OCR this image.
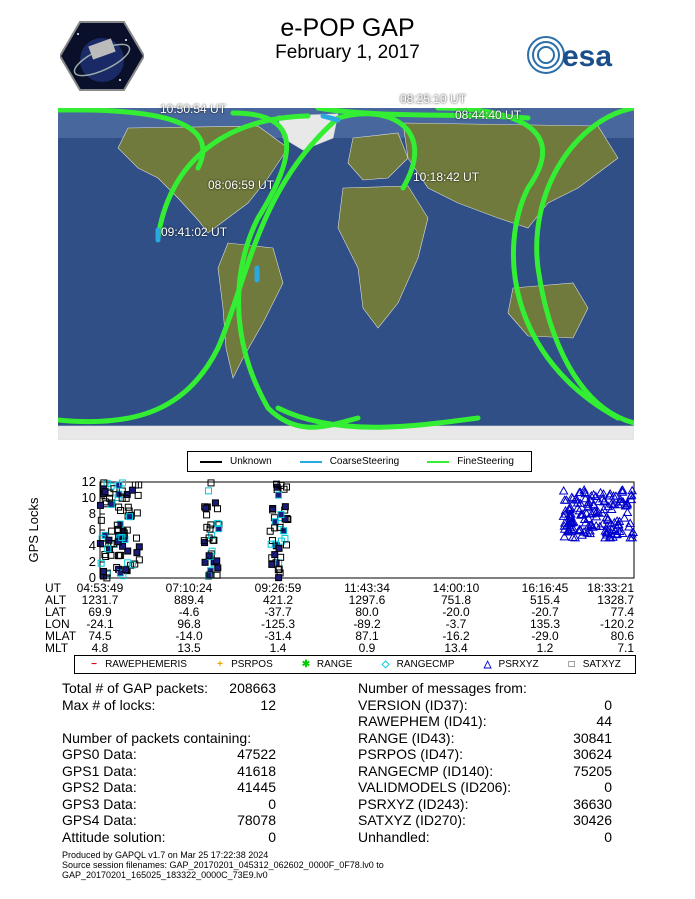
e-POP GAP
February 1, 2017	esa
08:25:10 UT
10:18:42 UT
08:06:59 UT
09:41:02 UT
08:44:40 UT
10:50:54 UT
Unknown	CoarseSteering	FineSteering
GPS Locks
0
2
4
6
8
10
12
UT 04:53:49	07:10:24	09:26:59	11:43:34	14:00:10	16:16:45 18:33:21
ALT 1231.7	889.4	421.2	1297.6	751.8	515.4	1328.7
LAT 69.9	-4.6	-37.7	80.0	-20.0	-20.7	77.4
LON -24.1	96.8	-125.3	-89.2	-3.7	135.3	-120.2
MLAT 74.5	-14.0	-31.4	87.1	-16.2	-29.0	80.6
MLT 4.8	13.5	1.4	0.9	13.4	1.2	7.1
− RAWEPHEMERIS	+ PSRPOS	✱ RANGE	◇ RANGECMP	△ PSRXYZ	□ SATXYZ
Total # of GAP packets:	208663
Max # of locks:	12
Number of packets containing:
GPS0 Data:	47522
GPS1 Data:	41618
GPS2 Data:	41445
GPS3 Data:	0
GPS4 Data:	78078
Attitude solution:	0
Number of messages from:
VERSION (ID37):	0
RAWEPHEM (ID41):	44
RANGE (ID43):	30841
PSRPOS (ID47):	30624
RANGECMP (ID140):	75205
VALIDMODELS (ID206):	0
PSRXYZ (ID243):	36630
SATXYZ (ID270):	30426
Unhandled:	0
Produced by GAPQL v1.7 on Mar 25 17:22:38 2024
Source session filenames: GAP_20170201_045312_062602_0000F_0F78.lv0 to
GAP_20170201_165025_183322_0000C_73E9.lv0
